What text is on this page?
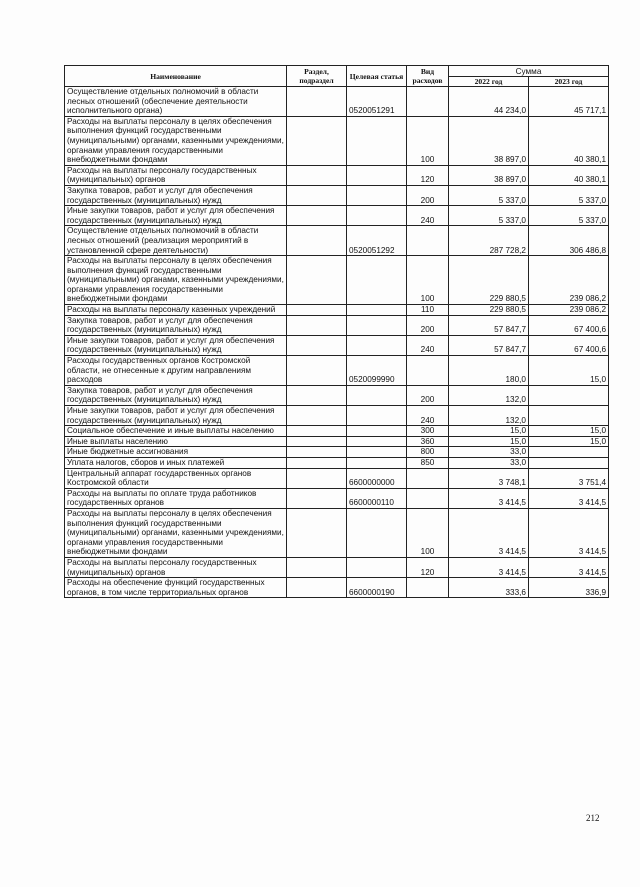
Наименование	Раздел, подраздел	Целевая статья	Вид расходов	Сумма	
				2022 год	2023 год
Осуществление отдельных полномочий в области лесных отношений (обеспечение деятельности исполнительного органа)		0520051291		44 234,0	45 717,1
Расходы на выплаты персоналу в целях обеспечения выполнения функций государственными (муниципальными) органами, казенными учреждениями, органами управления государственными внебюджетными фондами			100	38 897,0	40 380,1
Расходы на выплаты персоналу государственных (муниципальных) органов			120	38 897,0	40 380,1
Закупка товаров, работ и услуг для обеспечения государственных (муниципальных) нужд			200	5 337,0	5 337,0
Иные закупки товаров, работ и услуг для обеспечения государственных (муниципальных) нужд			240	5 337,0	5 337,0
Осуществление отдельных полномочий в области лесных отношений (реализация мероприятий в установленной сфере деятельности)		0520051292		287 728,2	306 486,8
Расходы на выплаты персоналу в целях обеспечения выполнения функций государственными (муниципальными) органами, казенными учреждениями, органами управления государственными внебюджетными фондами			100	229 880,5	239 086,2
Расходы на выплаты персоналу казенных учреждений			110	229 880,5	239 086,2
Закупка товаров, работ и услуг для обеспечения государственных (муниципальных) нужд			200	57 847,7	67 400,6
Иные закупки товаров, работ и услуг для обеспечения государственных (муниципальных) нужд			240	57 847,7	67 400,6
Расходы государственных органов Костромской области, не отнесенные к другим направлениям расходов		0520099990		180,0	15,0
Закупка товаров, работ и услуг для обеспечения государственных (муниципальных) нужд			200	132,0	
Иные закупки товаров, работ и услуг для обеспечения государственных (муниципальных) нужд			240	132,0	
Социальное обеспечение и иные выплаты населению			300	15,0	15,0
Иные выплаты населению			360	15,0	15,0
Иные бюджетные ассигнования			800	33,0	
Уплата налогов, сборов и иных платежей			850	33,0	
Центральный аппарат государственных органов Костромской области		6600000000		3 748,1	3 751,4
Расходы на выплаты по оплате труда работников государственных органов		6600000110		3 414,5	3 414,5
Расходы на выплаты персоналу в целях обеспечения выполнения функций государственными (муниципальными) органами, казенными учреждениями, органами управления государственными внебюджетными фондами			100	3 414,5	3 414,5
Расходы на выплаты персоналу государственных (муниципальных) органов			120	3 414,5	3 414,5
Расходы на обеспечение функций государственных органов, в том числе территориальных органов		6600000190		333,6	336,9
212
